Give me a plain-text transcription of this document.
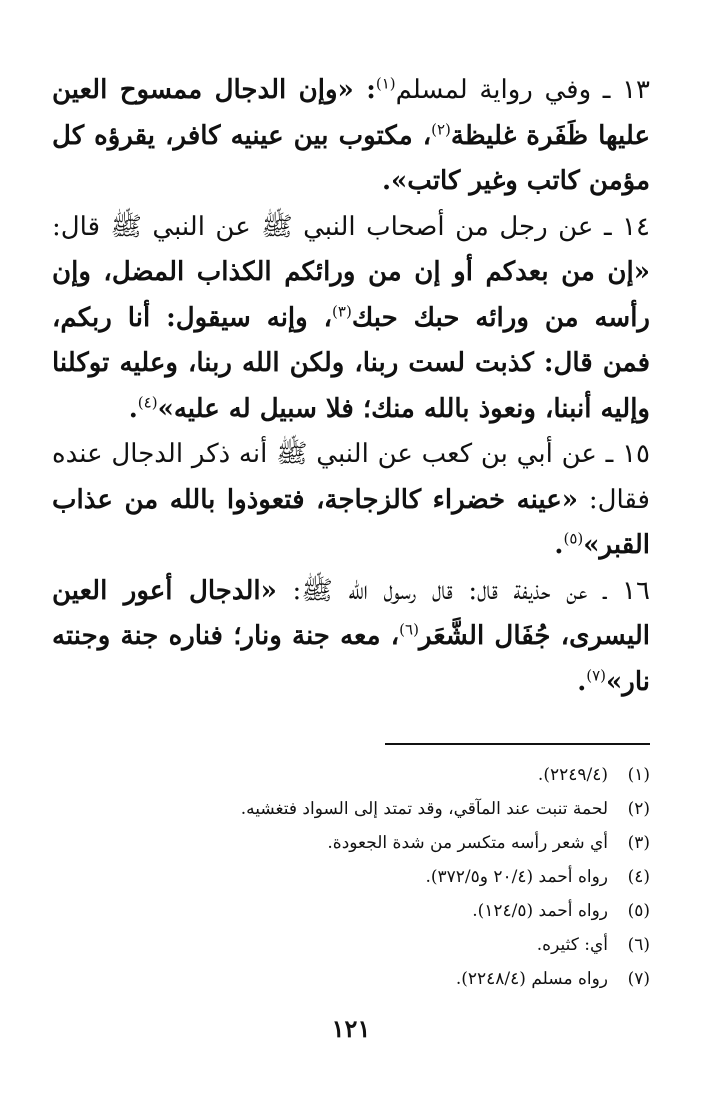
١٣ ـ وفي رواية لمسلم$^{(١)}$: «وإن الدجال ممسوح العين عليها ظَفَرة غليظة$^{(٢)}$، مكتوب بين عينيه كافر، يقرؤه كل مؤمن كاتب وغير كاتب».

١٤ ـ عن رجل من أصحاب النبي ﷺ عن النبي ﷺ قال: «إن من بعدكم أو إن من ورائكم الكذاب المضل، وإن رأسه من ورائه حبك حبك$^{(٣)}$، وإنه سيقول: أنا ربكم، فمن قال: كذبت لست ربنا، ولكن الله ربنا، وعليه توكلنا وإليه أنبنا، ونعوذ بالله منك؛ فلا سبيل له عليه»$^{(٤)}$.

١٥ ـ عن أبي بن كعب عن النبي ﷺ أنه ذكر الدجال عنده فقال: «عينه خضراء كالزجاجة، فتعوذوا بالله من عذاب القبر»$^{(٥)}$.

١٦ ـ عن حذيفة قال: قال رسول الله ﷺ: «الدجال أعور العين اليسرى، جُفَال الشَّعَر$^{(٦)}$، معه جنة ونار؛ فناره جنة وجنته نار»$^{(٧)}$.

(١)
(٢٢٤٩/٤).
(٢)
لحمة تنبت عند المآقي، وقد تمتد إلى السواد فتغشيه.
(٣)
أي شعر رأسه متكسر من شدة الجعودة.
(٤)
رواه أحمد (٢٠/٤ و٣٧٢/٥).
(٥)
رواه أحمد (١٢٤/٥).
(٦)
أي: كثيره.
(٧)
رواه مسلم (٢٢٤٨/٤).
١٢١
